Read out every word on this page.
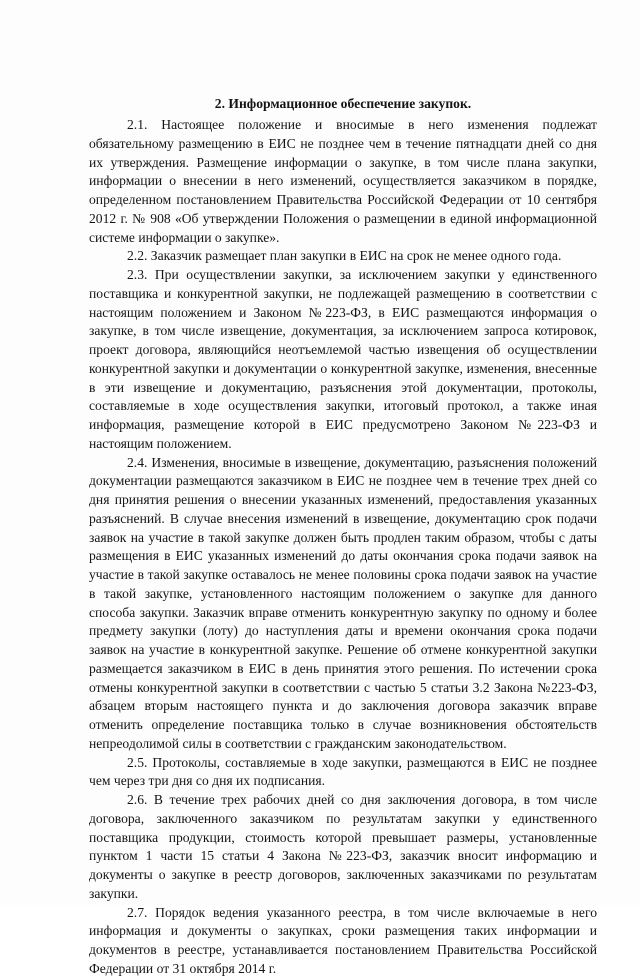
2. Информационное обеспечение закупок.

2.1. Настоящее положение и вносимые в него изменения подлежат обязательному размещению в ЕИС не позднее чем в течение пятнадцати дней со дня их утверждения. Размещение информации о закупке, в том числе плана закупки, информации о внесении в него изменений, осуществляется заказчиком в порядке, определенном постановлением Правительства Российской Федерации от 10 сентября 2012 г. № 908 «Об утверждении Положения о размещении в единой информационной системе информации о закупке».

2.2. Заказчик размещает план закупки в ЕИС на срок не менее одного года.

2.3. При осуществлении закупки, за исключением закупки у единственного поставщика и конкурентной закупки, не подлежащей размещению в соответствии с настоящим положением и Законом №223-ФЗ, в ЕИС размещаются информация о закупке, в том числе извещение, документация, за исключением запроса котировок, проект договора, являющийся неотъемлемой частью извещения об осуществлении конкурентной закупки и документации о конкурентной закупке, изменения, внесенные в эти извещение и документацию, разъяснения этой документации, протоколы, составляемые в ходе осуществления закупки, итоговый протокол, а также иная информация, размещение которой в ЕИС предусмотрено Законом №223-ФЗ и настоящим положением.

2.4. Изменения, вносимые в извещение, документацию, разъяснения положений документации размещаются заказчиком в ЕИС не позднее чем в течение трех дней со дня принятия решения о внесении указанных изменений, предоставления указанных разъяснений. В случае внесения изменений в извещение, документацию срок подачи заявок на участие в такой закупке должен быть продлен таким образом, чтобы с даты размещения в ЕИС указанных изменений до даты окончания срока подачи заявок на участие в такой закупке оставалось не менее половины срока подачи заявок на участие в такой закупке, установленного настоящим положением о закупке для данного способа закупки. Заказчик вправе отменить конкурентную закупку по одному и более предмету закупки (лоту) до наступления даты и времени окончания срока подачи заявок на участие в конкурентной закупке. Решение об отмене конкурентной закупки размещается заказчиком в ЕИС в день принятия этого решения. По истечении срока отмены конкурентной закупки в соответствии с частью 5 статьи 3.2 Закона №223-ФЗ, абзацем вторым настоящего пункта и до заключения договора заказчик вправе отменить определение поставщика только в случае возникновения обстоятельств непреодолимой силы в соответствии с гражданским законодательством.

2.5. Протоколы, составляемые в ходе закупки, размещаются в ЕИС не позднее чем через три дня со дня их подписания.

2.6. В течение трех рабочих дней со дня заключения договора, в том числе договора, заключенного заказчиком по результатам закупки у единственного поставщика продукции, стоимость которой превышает размеры, установленные пунктом 1 части 15 статьи 4 Закона №223-ФЗ, заказчик вносит информацию и документы о закупке в реестр договоров, заключенных заказчиками по результатам закупки.

2.7. Порядок ведения указанного реестра, в том числе включаемые в него информация и документы о закупках, сроки размещения таких информации и документов в реестре, устанавливается постановлением Правительства Российской Федерации от 31 октября 2014 г.
